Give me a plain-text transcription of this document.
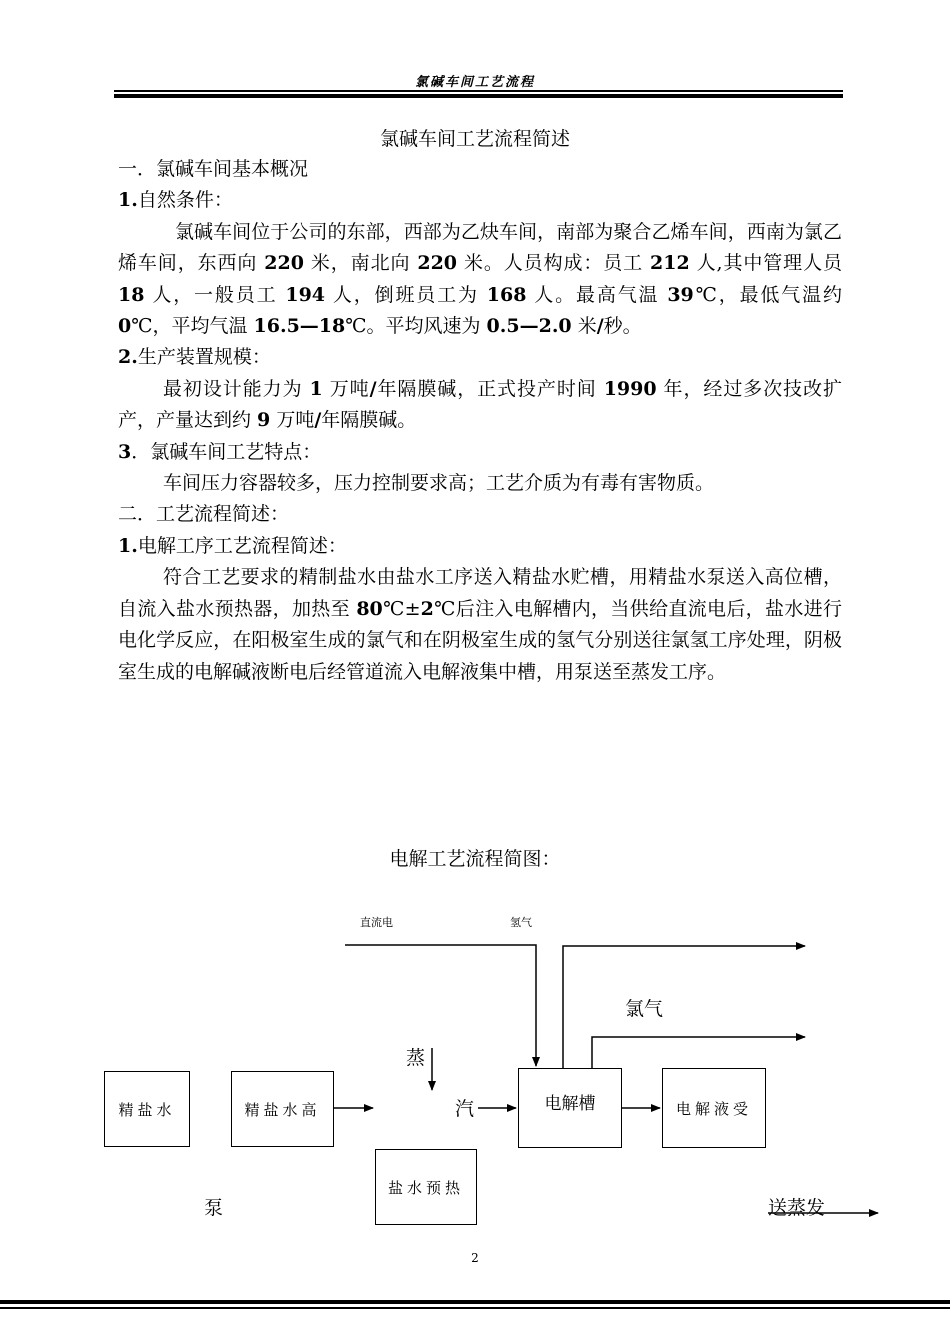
氯碱车间工艺流程
氯碱车间工艺流程简述

一．氯碱车间基本概况

1.自然条件：

氯碱车间位于公司的东部，西部为乙炔车间，南部为聚合乙烯车间，西南为氯乙烯车间，东西向 220 米，南北向 220 米。人员构成：员工 212 人,其中管理人员 18 人，一般员工 194 人，倒班员工为 168 人。最高气温 39℃，最低气温约 0℃，平均气温 16.5—18℃。平均风速为 0.5—2.0 米/秒。

2.生产装置规模：

最初设计能力为 1 万吨/年隔膜碱，正式投产时间 1990 年，经过多次技改扩产，产量达到约 9 万吨/年隔膜碱。

3．氯碱车间工艺特点：

车间压力容器较多，压力控制要求高；工艺介质为有毒有害物质。

二．工艺流程简述：

1.电解工序工艺流程简述：

符合工艺要求的精制盐水由盐水工序送入精盐水贮槽，用精盐水泵送入高位槽，自流入盐水预热器，加热至 80℃±2℃后注入电解槽内，当供给直流电后，盐水进行电化学反应，在阳极室生成的氯气和在阴极室生成的氢气分别送往氯氢工序处理，阴极室生成的电解碱液断电后经管道流入电解液集中槽，用泵送至蒸发工序。

电解工艺流程简图：
直流电	氢气
氯气
蒸
汽
泵	送蒸发
精盐水	精盐水高
盐水预热
电解槽	电解液受
2
